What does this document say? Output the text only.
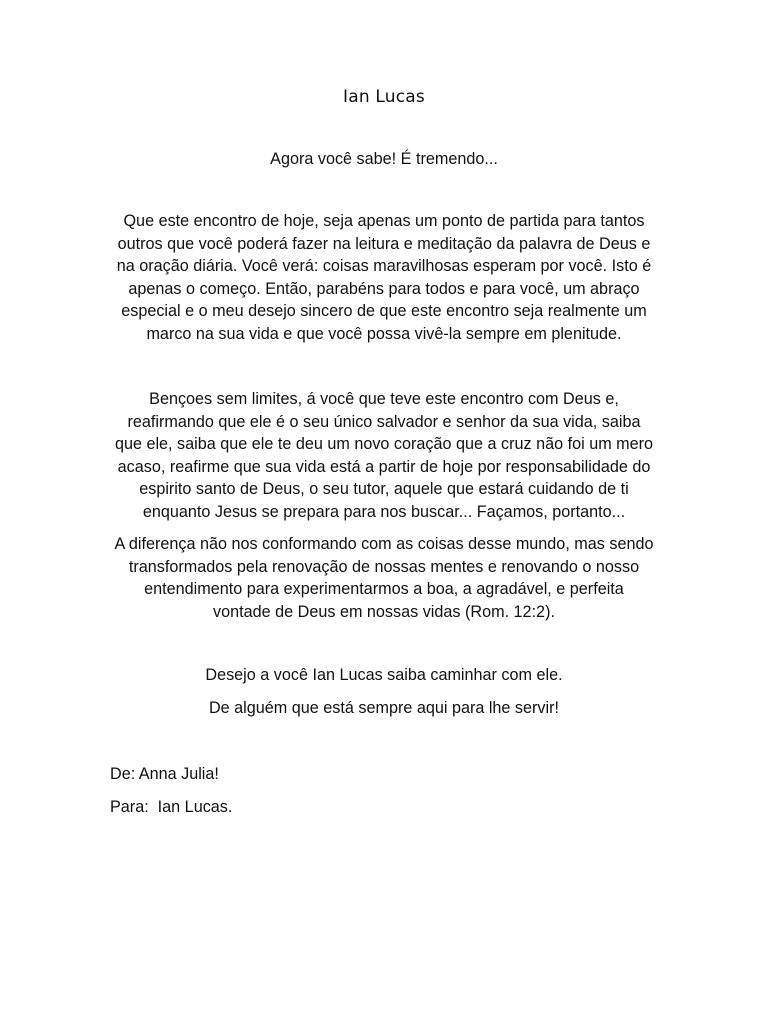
Ian Lucas
Agora você sabe! É tremendo...
Que este encontro de hoje, seja apenas um ponto de partida para tantos
outros que você poderá fazer na leitura e meditação da palavra de Deus e
na oração diária. Você verá: coisas maravilhosas esperam por você. Isto é
apenas o começo. Então, parabéns para todos e para você, um abraço
especial e o meu desejo sincero de que este encontro seja realmente um
marco na sua vida e que você possa vivê-la sempre em plenitude.
Bençoes sem limites, á você que teve este encontro com Deus e,
reafirmando que ele é o seu único salvador e senhor da sua vida, saiba
que ele, saiba que ele te deu um novo coração que a cruz não foi um mero
acaso, reafirme que sua vida está a partir de hoje por responsabilidade do
espirito santo de Deus, o seu tutor, aquele que estará cuidando de ti
enquanto Jesus se prepara para nos buscar... Façamos, portanto...
A diferença não nos conformando com as coisas desse mundo, mas sendo
transformados pela renovação de nossas mentes e renovando o nosso
entendimento para experimentarmos a boa, a agradável, e perfeita
vontade de Deus em nossas vidas (Rom. 12:2).
Desejo a você Ian Lucas saiba caminhar com ele.
De alguém que está sempre aqui para lhe servir!
De: Anna Julia!
Para:  Ian Lucas.
